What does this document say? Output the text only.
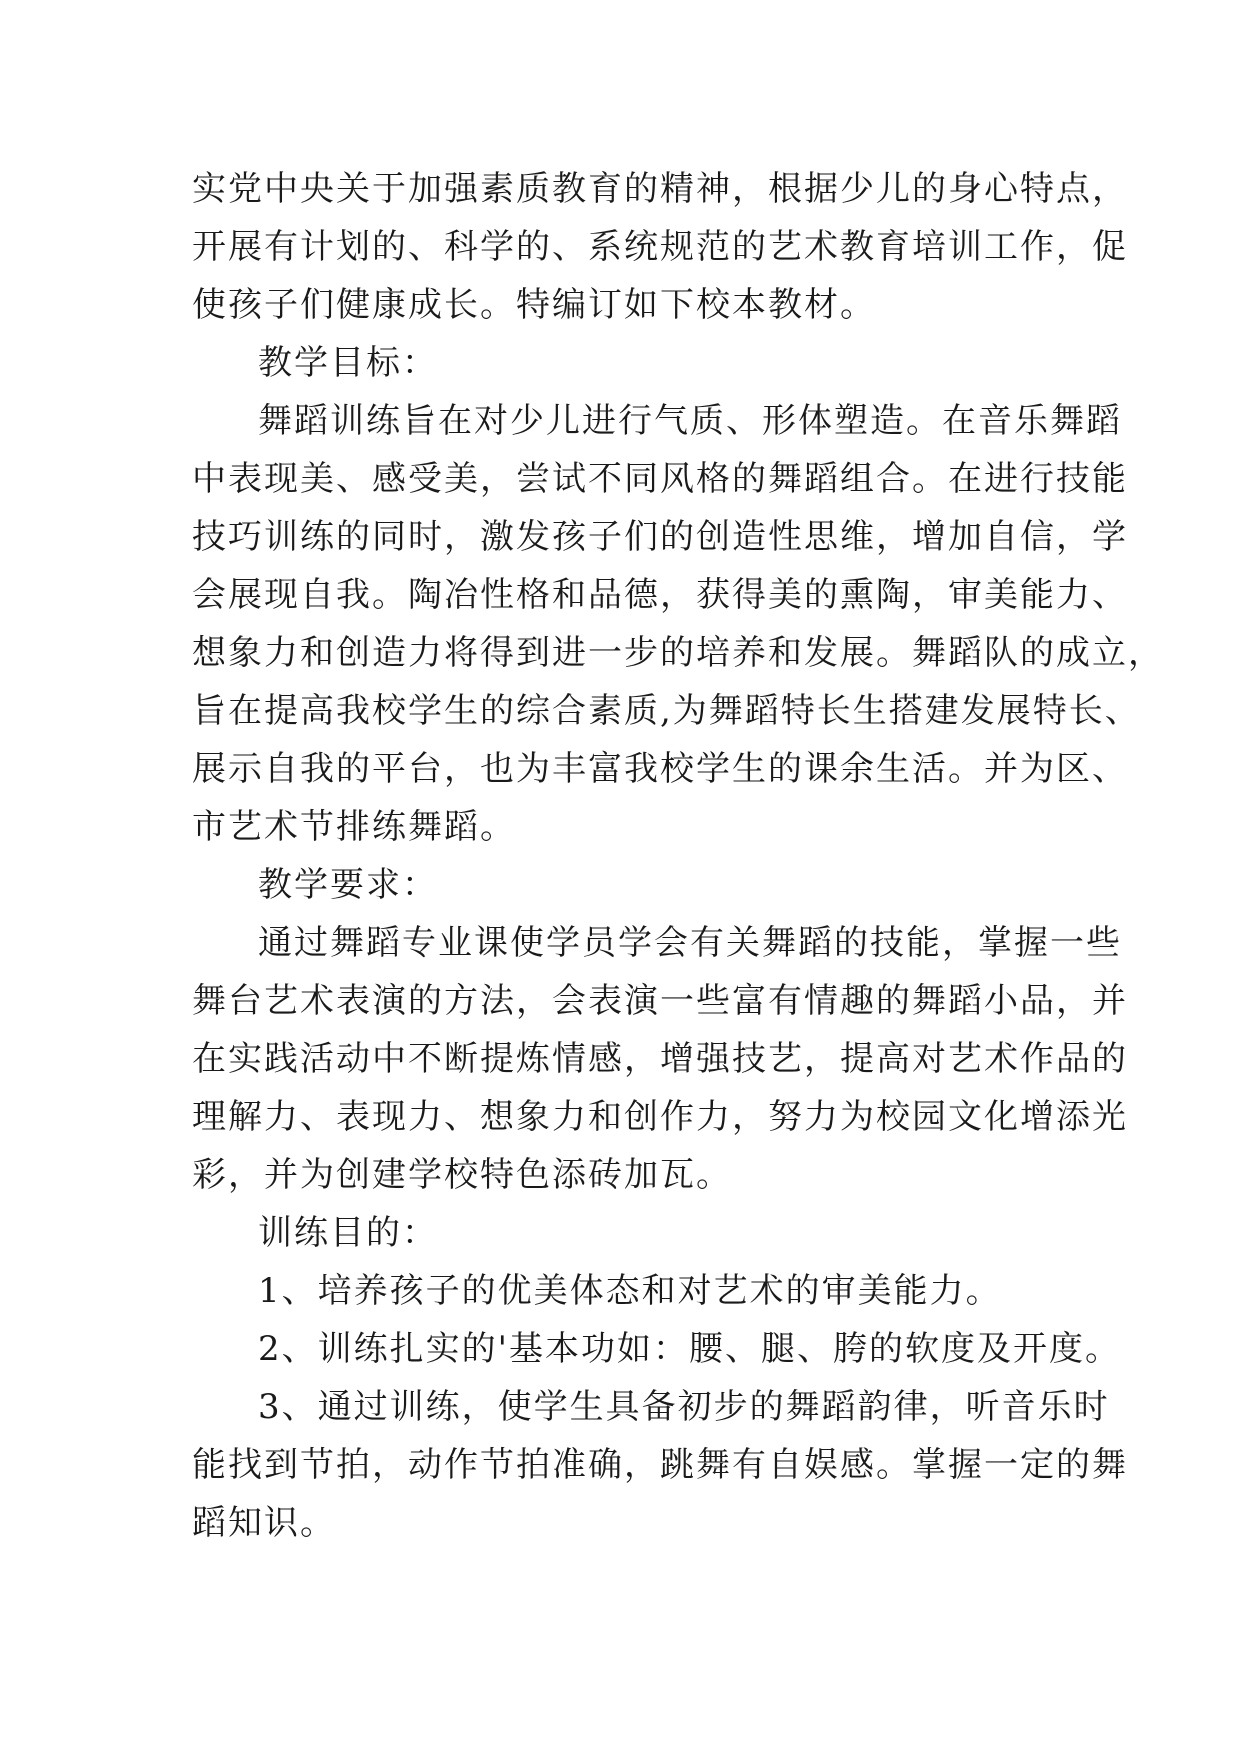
实党中央关于加强素质教育的精神，根据少儿的身心特点，
开展有计划的、科学的、系统规范的艺术教育培训工作，促
使孩子们健康成长。特编订如下校本教材。
教学目标：
舞蹈训练旨在对少儿进行气质、形体塑造。在音乐舞蹈
中表现美、感受美，尝试不同风格的舞蹈组合。在进行技能
技巧训练的同时，激发孩子们的创造性思维，增加自信，学
会展现自我。陶冶性格和品德，获得美的熏陶，审美能力、
想象力和创造力将得到进一步的培养和发展。舞蹈队的成立，
旨在提高我校学生的综合素质,为舞蹈特长生搭建发展特长、
展示自我的平台，也为丰富我校学生的课余生活。并为区、
市艺术节排练舞蹈。
教学要求：
通过舞蹈专业课使学员学会有关舞蹈的技能，掌握一些
舞台艺术表演的方法，会表演一些富有情趣的舞蹈小品，并
在实践活动中不断提炼情感，增强技艺，提高对艺术作品的
理解力、表现力、想象力和创作力，努力为校园文化增添光
彩，并为创建学校特色添砖加瓦。
训练目的：
1、培养孩子的优美体态和对艺术的审美能力。
2、训练扎实的'基本功如：腰、腿、胯的软度及开度。
3、通过训练，使学生具备初步的舞蹈韵律，听音乐时
能找到节拍，动作节拍准确，跳舞有自娱感。掌握一定的舞
蹈知识。
